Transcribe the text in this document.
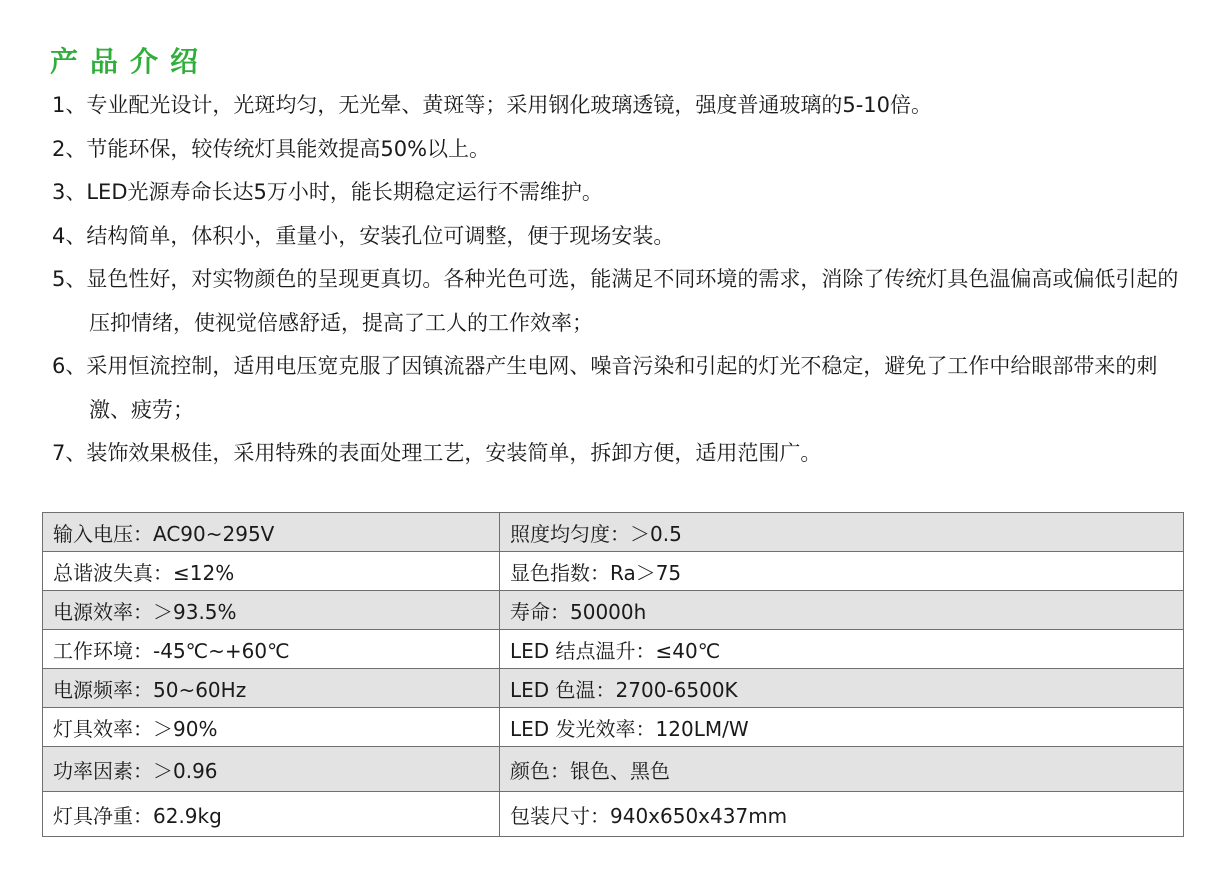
产品介绍
1、专业配光设计，光斑均匀，无光晕、黄斑等；采用钢化玻璃透镜，强度普通玻璃的5-10倍。
2、节能环保，较传统灯具能效提高50%以上。
3、LED光源寿命长达5万小时，能长期稳定运行不需维护。
4、结构简单，体积小，重量小，安装孔位可调整，便于现场安装。
5、显色性好，对实物颜色的呈现更真切。各种光色可选，能满足不同环境的需求，消除了传统灯具色温偏高或偏低引起的压抑情绪，使视觉倍感舒适，提高了工人的工作效率；
6、采用恒流控制，适用电压宽克服了因镇流器产生电网、噪音污染和引起的灯光不稳定，避免了工作中给眼部带来的刺激、疲劳；
7、装饰效果极佳，采用特殊的表面处理工艺，安装简单，拆卸方便，适用范围广。
输入电压：AC90~295V	照度均匀度：＞0.5
总谐波失真：≤12%	显色指数：Ra＞75
电源效率：＞93.5%	寿命：50000h
工作环境：-45℃~+60℃	LED 结点温升：≤40℃
电源频率：50~60Hz	LED 色温：2700-6500K
灯具效率：＞90%	LED 发光效率：120LM/W
功率因素：＞0.96	颜色：银色、黑色
灯具净重：62.9kg	包装尺寸：940x650x437mm
